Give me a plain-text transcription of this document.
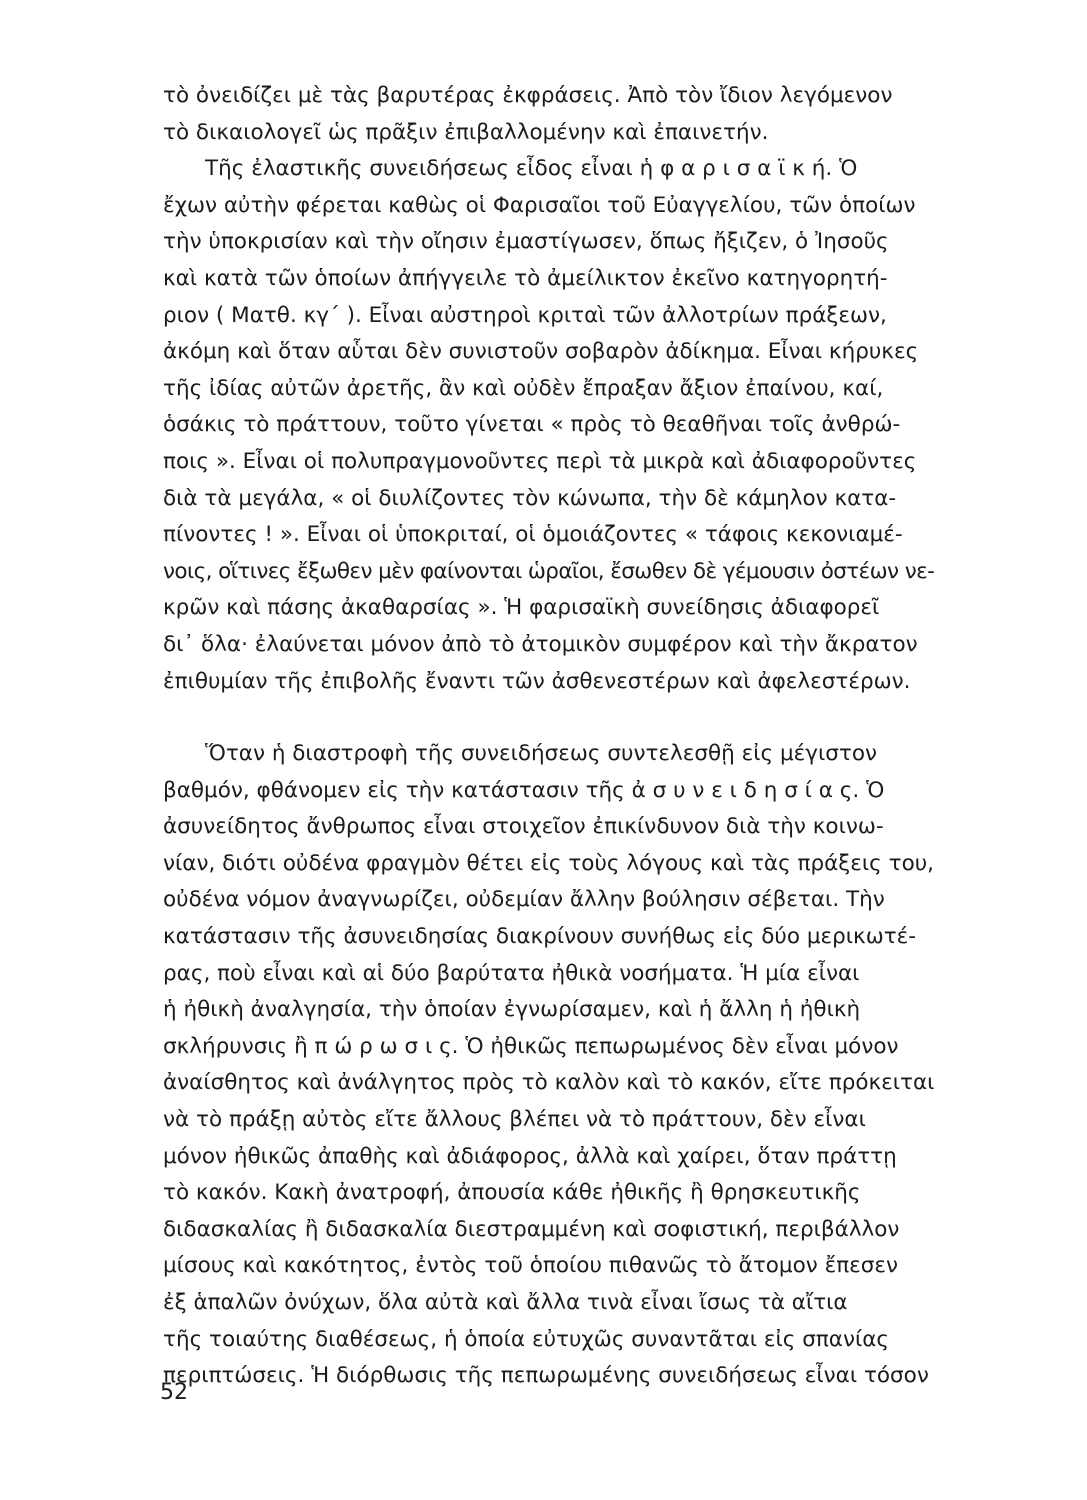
τὸ ὀνειδίζει μὲ τὰς βαρυτέρας ἐκφράσεις. Ἀπὸ τὸν ἴδιον λεγόμενον
τὸ δικαιολογεῖ ὡς πρᾶξιν ἐπιβαλλομένην καὶ ἐπαινετήν.
Τῆς ἐλαστικῆς συνειδήσεως εἶδος εἶναι ἡ φ α ρ ι σ α ϊ κ ή. Ὁ
ἔχων αὐτὴν φέρεται καθὼς οἱ Φαρισαῖοι τοῦ Εὐαγγελίου, τῶν ὁποίων
τὴν ὑποκρισίαν καὶ τὴν οἴησιν ἐμαστίγωσεν, ὅπως ἤξιζεν, ὁ Ἰησοῦς
καὶ κατὰ τῶν ὁποίων ἀπήγγειλε τὸ ἀμείλικτον ἐκεῖνο κατηγορητή-
ριον ( Ματθ. κγ΄ ). Εἶναι αὐστηροὶ κριταὶ τῶν ἀλλοτρίων πράξεων,
ἀκόμη καὶ ὅταν αὗται δὲν συνιστοῦν σοβαρὸν ἀδίκημα. Εἶναι κήρυκες
τῆς ἰδίας αὐτῶν ἀρετῆς, ἂν καὶ οὐδὲν ἔπραξαν ἄξιον ἐπαίνου, καί,
ὁσάκις τὸ πράττουν, τοῦτο γίνεται « πρὸς τὸ θεαθῆναι τοῖς ἀνθρώ-
ποις ». Εἶναι οἱ πολυπραγμονοῦντες περὶ τὰ μικρὰ καὶ ἀδιαφοροῦντες
διὰ τὰ μεγάλα, « οἱ διυλίζοντες τὸν κώνωπα, τὴν δὲ κάμηλον κατα-
πίνοντες ! ». Εἶναι οἱ ὑποκριταί, οἱ ὁμοιάζοντες « τάφοις κεκονιαμέ-
νοις, οἵτινες ἔξωθεν μὲν φαίνονται ὡραῖοι, ἔσωθεν δὲ γέμουσιν ὀστέων νε-
κρῶν καὶ πάσης ἀκαθαρσίας ». Ἡ φαρισαϊκὴ συνείδησις ἀδιαφορεῖ
δι᾿ ὅλα· ἐλαύνεται μόνον ἀπὸ τὸ ἀτομικὸν συμφέρον καὶ τὴν ἄκρατον
ἐπιθυμίαν τῆς ἐπιβολῆς ἔναντι τῶν ἀσθενεστέρων καὶ ἀφελεστέρων.
Ὅταν ἡ διαστροφὴ τῆς συνειδήσεως συντελεσθῇ εἰς μέγιστον
βαθμόν, φθάνομεν εἰς τὴν κατάστασιν τῆς ἀ σ υ ν ε ι δ η σ ί α ς. Ὁ
ἀσυνείδητος ἄνθρωπος εἶναι στοιχεῖον ἐπικίνδυνον διὰ τὴν κοινω-
νίαν, διότι οὐδένα φραγμὸν θέτει εἰς τοὺς λόγους καὶ τὰς πράξεις του,
οὐδένα νόμον ἀναγνωρίζει, οὐδεμίαν ἄλλην βούλησιν σέβεται. Τὴν
κατάστασιν τῆς ἀσυνειδησίας διακρίνουν συνήθως εἰς δύο μερικωτέ-
ρας, ποὺ εἶναι καὶ αἱ δύο βαρύτατα ἠθικὰ νοσήματα. Ἡ μία εἶναι
ἡ ἠθικὴ ἀναλγησία, τὴν ὁποίαν ἐγνωρίσαμεν, καὶ ἡ ἄλλη ἡ ἠθικὴ
σκλήρυνσις ἢ π ώ ρ ω σ ι ς. Ὁ ἠθικῶς πεπωρωμένος δὲν εἶναι μόνον
ἀναίσθητος καὶ ἀνάλγητος πρὸς τὸ καλὸν καὶ τὸ κακόν, εἴτε πρόκειται
νὰ τὸ πράξῃ αὐτὸς εἴτε ἄλλους βλέπει νὰ τὸ πράττουν, δὲν εἶναι
μόνον ἠθικῶς ἀπαθὴς καὶ ἀδιάφορος, ἀλλὰ καὶ χαίρει, ὅταν πράττῃ
τὸ κακόν. Κακὴ ἀνατροφή, ἀπουσία κάθε ἠθικῆς ἢ θρησκευτικῆς
διδασκαλίας ἢ διδασκαλία διεστραμμένη καὶ σοφιστική, περιβάλλον
μίσους καὶ κακότητος, ἐντὸς τοῦ ὁποίου πιθανῶς τὸ ἄτομον ἔπεσεν
ἐξ ἁπαλῶν ὀνύχων, ὅλα αὐτὰ καὶ ἄλλα τινὰ εἶναι ἴσως τὰ αἴτια
τῆς τοιαύτης διαθέσεως, ἡ ὁποία εὐτυχῶς συναντᾶται εἰς σπανίας
περιπτώσεις. Ἡ διόρθωσις τῆς πεπωρωμένης συνειδήσεως εἶναι τόσον
52
